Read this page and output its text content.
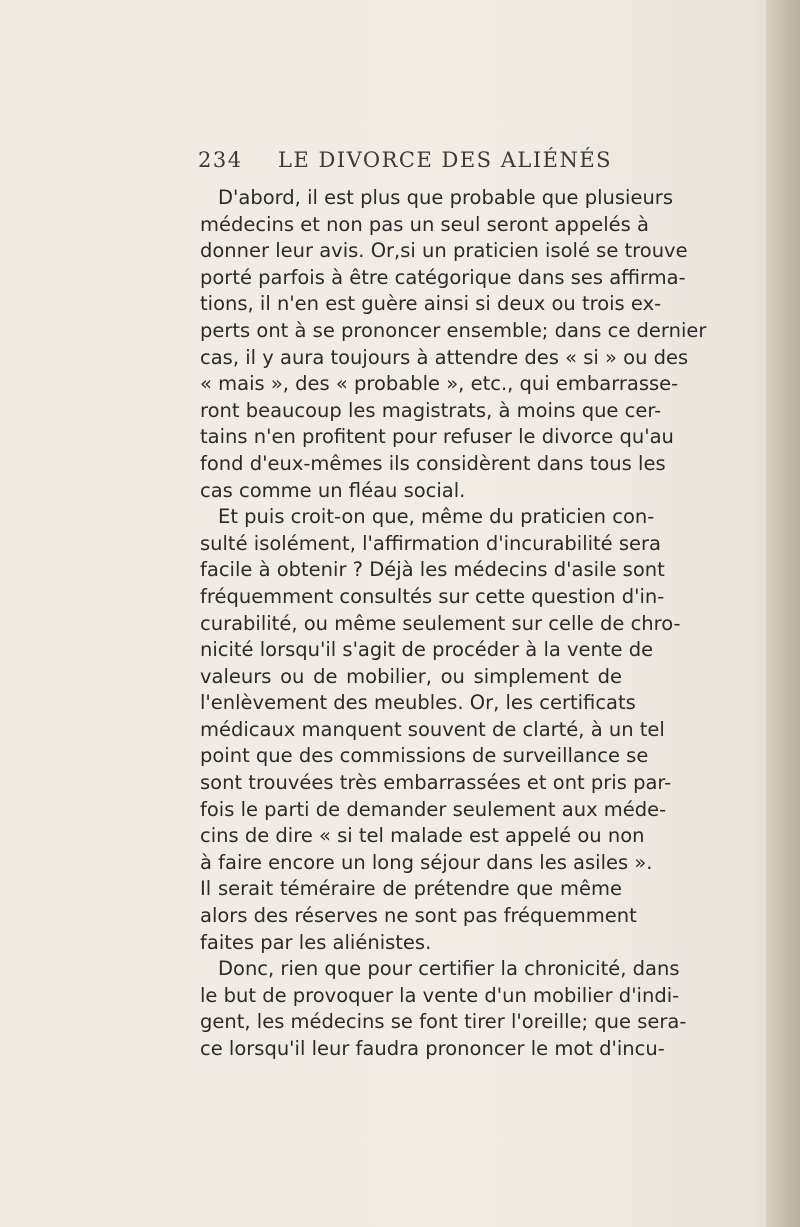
234 LE DIVORCE DES ALIÉNÉS
D'abord, il est plus que probable que plusieurs
médecins et non pas un seul seront appelés à
donner leur avis. Or,si un praticien isolé se trouve
porté parfois à être catégorique dans ses affirma-
tions, il n'en est guère ainsi si deux ou trois ex-
perts ont à se prononcer ensemble; dans ce dernier
cas, il y aura toujours à attendre des « si » ou des
« mais », des « probable », etc., qui embarrasse-
ront beaucoup les magistrats, à moins que cer-
tains n'en profitent pour refuser le divorce qu'au
fond d'eux-mêmes ils considèrent dans tous les
cas comme un fléau social.
Et puis croit-on que, même du praticien con-
sulté isolément, l'affirmation d'incurabilité sera
facile à obtenir ? Déjà les médecins d'asile sont
fréquemment consultés sur cette question d'in-
curabilité, ou même seulement sur celle de chro-
nicité lorsqu'il s'agit de procéder à la vente de
valeurs ou de mobilier, ou simplement de
l'enlèvement des meubles. Or, les certificats
médicaux manquent souvent de clarté, à un tel
point que des commissions de surveillance se
sont trouvées très embarrassées et ont pris par-
fois le parti de demander seulement aux méde-
cins de dire « si tel malade est appelé ou non
à faire encore un long séjour dans les asiles ».
Il serait téméraire de prétendre que même
alors des réserves ne sont pas fréquemment
faites par les aliénistes.
Donc, rien que pour certifier la chronicité, dans
le but de provoquer la vente d'un mobilier d'indi-
gent, les médecins se font tirer l'oreille; que sera-
ce lorsqu'il leur faudra prononcer le mot d'incu-
